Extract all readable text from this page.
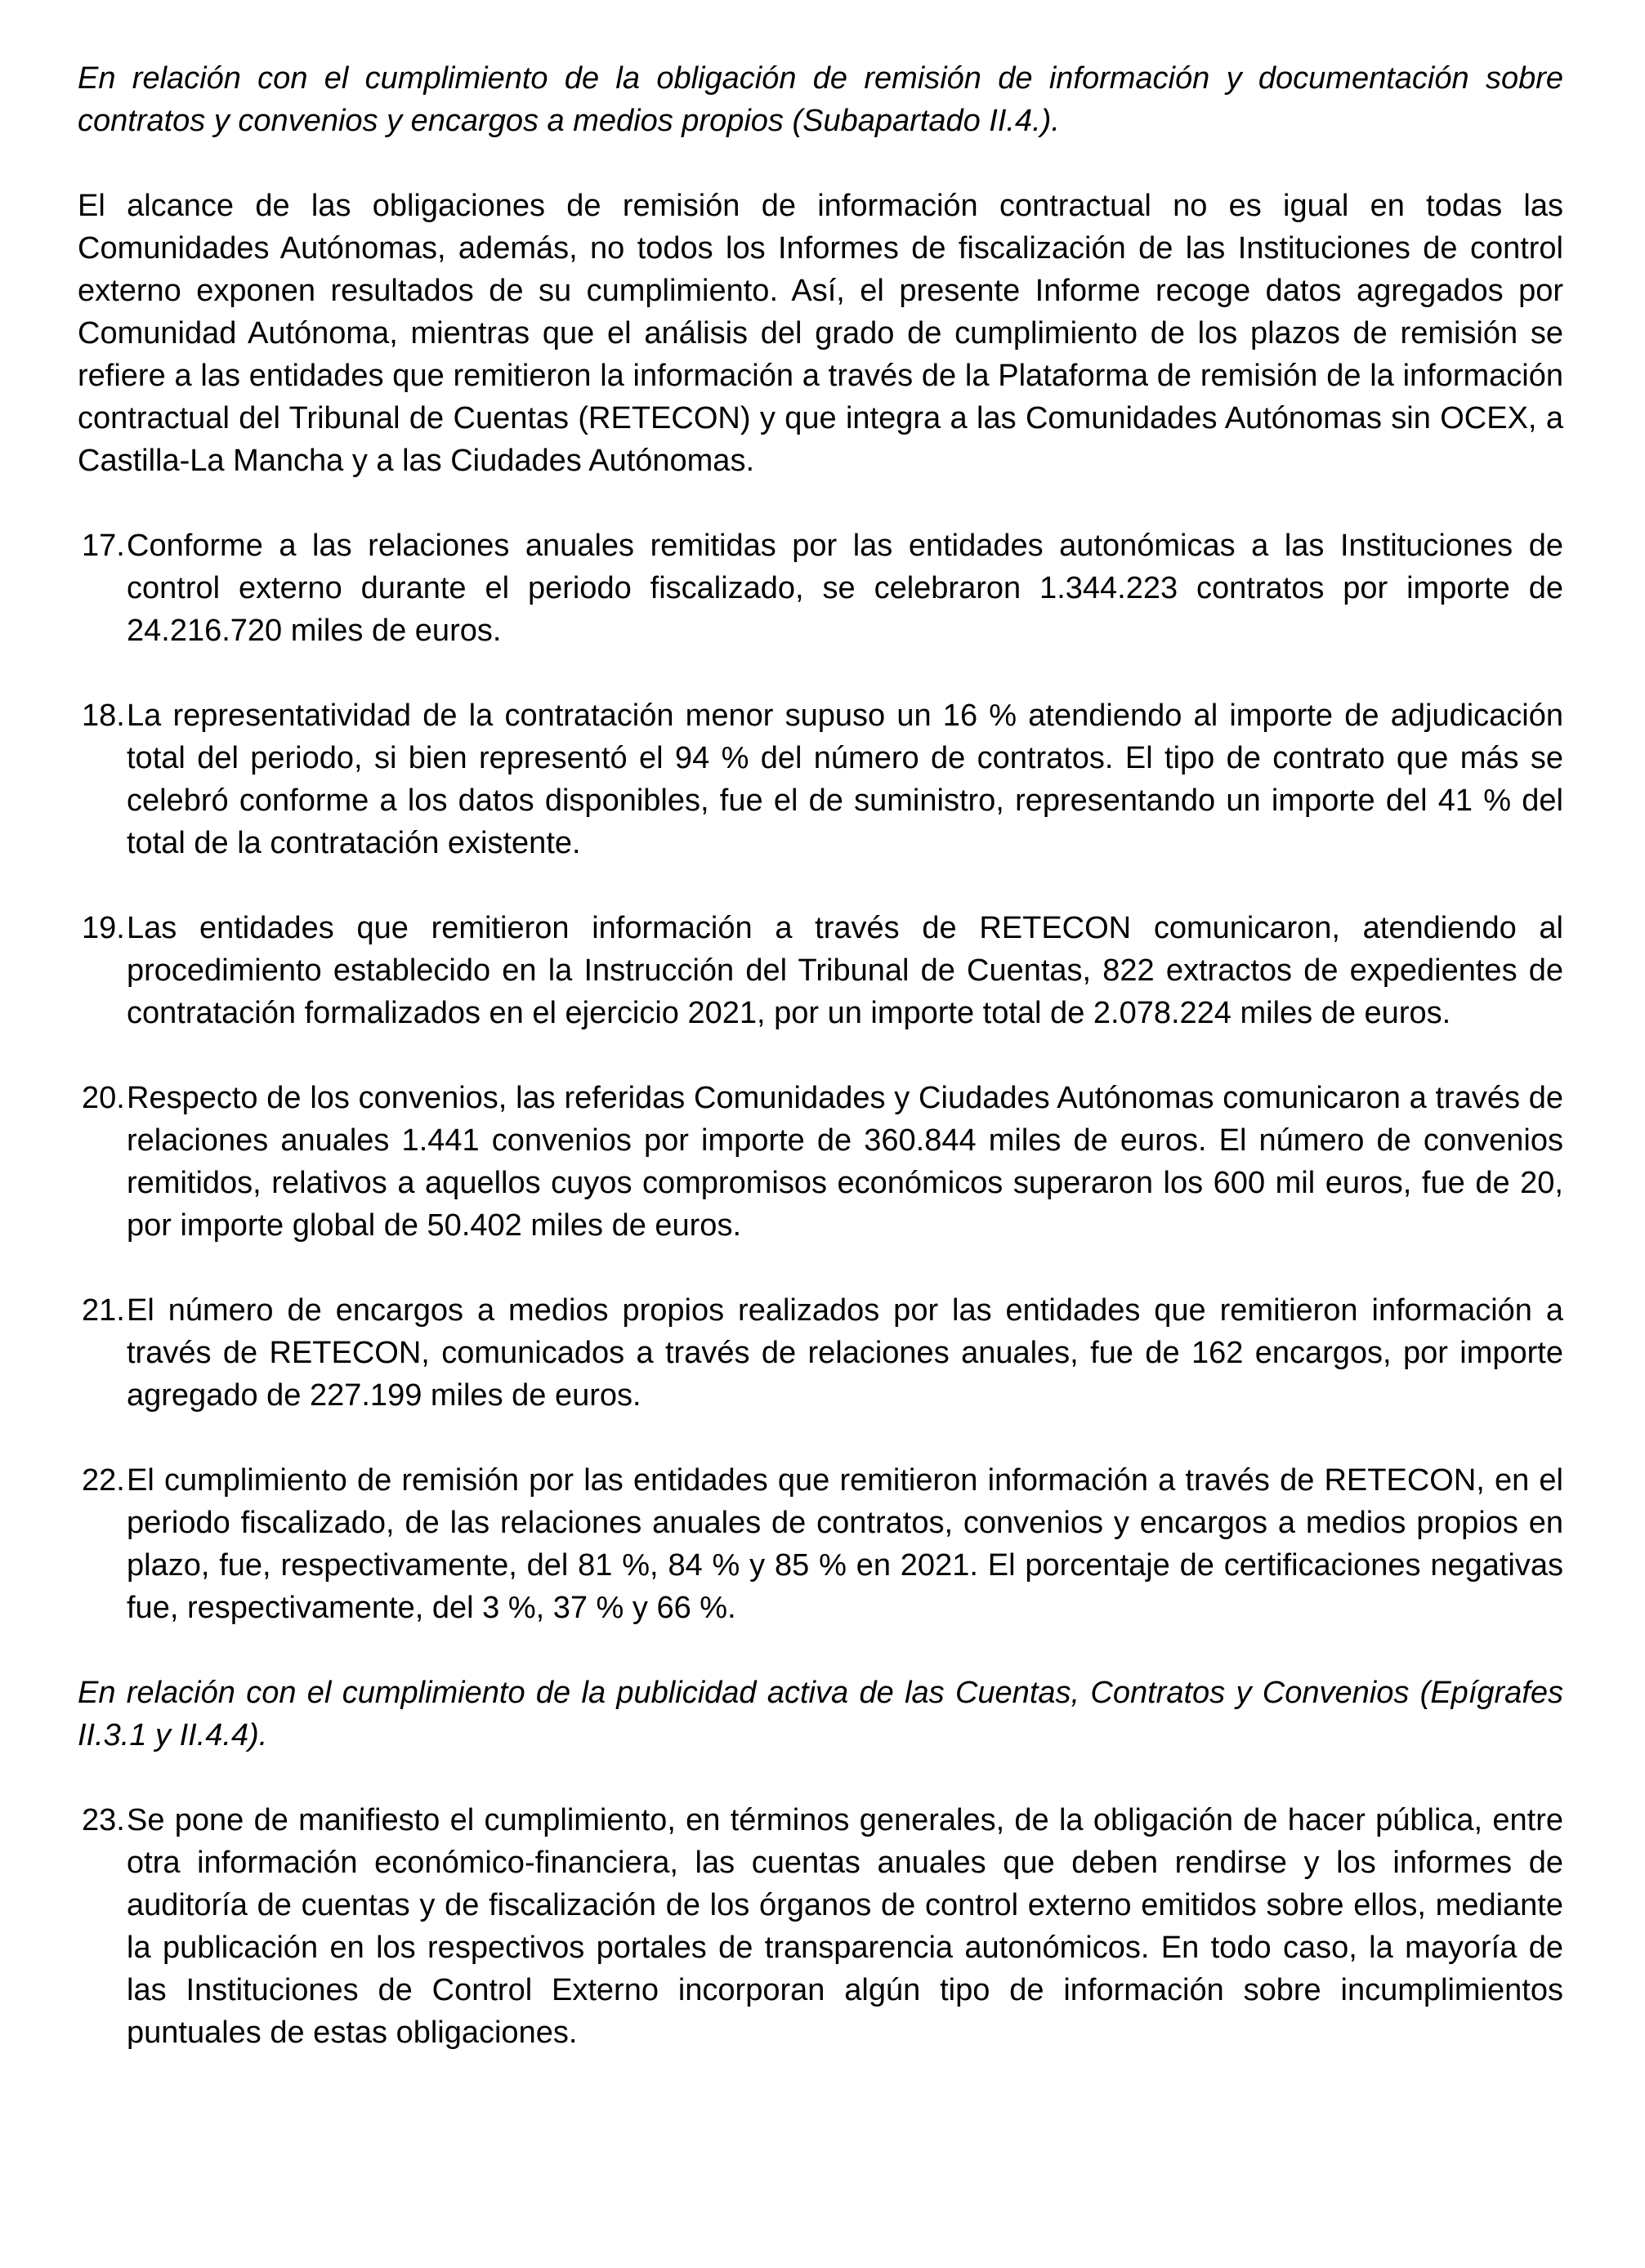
En relación con el cumplimiento de la obligación de remisión de información y documentación sobre contratos y convenios y encargos a medios propios (Subapartado II.4.).

El alcance de las obligaciones de remisión de información contractual no es igual en todas las Comunidades Autónomas, además, no todos los Informes de fiscalización de las Instituciones de control externo exponen resultados de su cumplimiento. Así, el presente Informe recoge datos agregados por Comunidad Autónoma, mientras que el análisis del grado de cumplimiento de los plazos de remisión se refiere a las entidades que remitieron la información a través de la Plataforma de remisión de la información contractual del Tribunal de Cuentas (RETECON) y que integra a las Comunidades Autónomas sin OCEX, a Castilla-La Mancha y a las Ciudades Autónomas.

17.Conforme a las relaciones anuales remitidas por las entidades autonómicas a las Instituciones de control externo durante el periodo fiscalizado, se celebraron 1.344.223 contratos por importe de 24.216.720 miles de euros.

18.La representatividad de la contratación menor supuso un 16 % atendiendo al importe de adjudicación total del periodo, si bien representó el 94 % del número de contratos. El tipo de contrato que más se celebró conforme a los datos disponibles, fue el de suministro, representando un importe del 41 % del total de la contratación existente.

19.Las entidades que remitieron información a través de RETECON comunicaron, atendiendo al procedimiento establecido en la Instrucción del Tribunal de Cuentas, 822 extractos de expedientes de contratación formalizados en el ejercicio 2021, por un importe total de 2.078.224 miles de euros.

20.Respecto de los convenios, las referidas Comunidades y Ciudades Autónomas comunicaron a través de relaciones anuales 1.441 convenios por importe de 360.844 miles de euros. El número de convenios remitidos, relativos a aquellos cuyos compromisos económicos superaron los 600 mil euros, fue de 20, por importe global de 50.402 miles de euros.

21.El número de encargos a medios propios realizados por las entidades que remitieron información a través de RETECON, comunicados a través de relaciones anuales, fue de 162 encargos, por importe agregado de 227.199 miles de euros.

22.El cumplimiento de remisión por las entidades que remitieron información a través de RETECON, en el periodo fiscalizado, de las relaciones anuales de contratos, convenios y encargos a medios propios en plazo, fue, respectivamente, del 81 %, 84 % y 85 % en 2021. El porcentaje de certificaciones negativas fue, respectivamente, del 3 %, 37 % y 66 %.

En relación con el cumplimiento de la publicidad activa de las Cuentas, Contratos y Convenios (Epígrafes II.3.1 y II.4.4).

23.Se pone de manifiesto el cumplimiento, en términos generales, de la obligación de hacer pública, entre otra información económico-financiera, las cuentas anuales que deben rendirse y los informes de auditoría de cuentas y de fiscalización de los órganos de control externo emitidos sobre ellos, mediante la publicación en los respectivos portales de transparencia autonómicos. En todo caso, la mayoría de las Instituciones de Control Externo incorporan algún tipo de información sobre incumplimientos puntuales de estas obligaciones.
